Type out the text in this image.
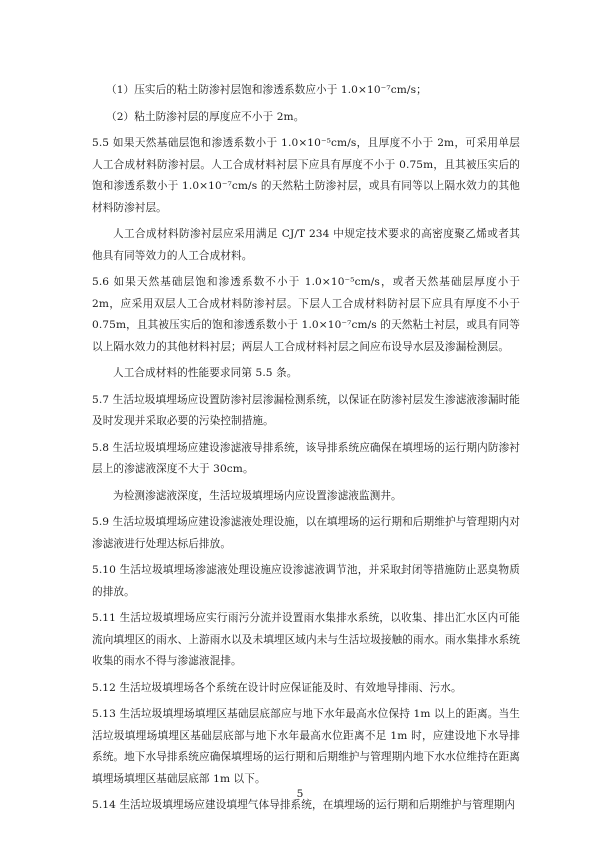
（1）压实后的粘土防渗衬层饱和渗透系数应小于 1.0×10⁻⁷cm/s；

（2）粘土防渗衬层的厚度应不小于 2m。

5.5 如果天然基础层饱和渗透系数小于 1.0×10⁻⁵cm/s，且厚度不小于 2m，可采用单层人工合成材料防渗衬层。人工合成材料衬层下应具有厚度不小于 0.75m，且其被压实后的饱和渗透系数小于 1.0×10⁻⁷cm/s 的天然粘土防渗衬层，或具有同等以上隔水效力的其他材料防渗衬层。

人工合成材料防渗衬层应采用满足 CJ/T 234 中规定技术要求的高密度聚乙烯或者其他具有同等效力的人工合成材料。

5.6 如果天然基础层饱和渗透系数不小于 1.0×10⁻⁵cm/s，或者天然基础层厚度小于 2m，应采用双层人工合成材料防渗衬层。下层人工合成材料防衬层下应具有厚度不小于 0.75m，且其被压实后的饱和渗透系数小于 1.0×10⁻⁷cm/s 的天然粘土衬层，或具有同等以上隔水效力的其他材料衬层；两层人工合成材料衬层之间应布设导水层及渗漏检测层。

人工合成材料的性能要求同第 5.5 条。

5.7 生活垃圾填埋场应设置防渗衬层渗漏检测系统，以保证在防渗衬层发生渗滤液渗漏时能及时发现并采取必要的污染控制措施。

5.8 生活垃圾填埋场应建设渗滤液导排系统，该导排系统应确保在填埋场的运行期内防渗衬层上的渗滤液深度不大于 30cm。

为检测渗滤液深度，生活垃圾填埋场内应设置渗滤液监测井。

5.9 生活垃圾填埋场应建设渗滤液处理设施，以在填埋场的运行期和后期维护与管理期内对渗滤液进行处理达标后排放。

5.10 生活垃圾填埋场渗滤液处理设施应设渗滤液调节池，并采取封闭等措施防止恶臭物质的排放。

5.11 生活垃圾填埋场应实行雨污分流并设置雨水集排水系统，以收集、排出汇水区内可能流向填埋区的雨水、上游雨水以及未填埋区域内未与生活垃圾接触的雨水。雨水集排水系统收集的雨水不得与渗滤液混排。

5.12 生活垃圾填埋场各个系统在设计时应保证能及时、有效地导排雨、污水。

5.13 生活垃圾填埋场填埋区基础层底部应与地下水年最高水位保持 1m 以上的距离。当生活垃圾填埋场填埋区基础层底部与地下水年最高水位距离不足 1m 时，应建设地下水导排系统。地下水导排系统应确保填埋场的运行期和后期维护与管理期内地下水水位维持在距离填埋场填埋区基础层底部 1m 以下。

5.14 生活垃圾填埋场应建设填埋气体导排系统，在填埋场的运行期和后期维护与管理期内

5
